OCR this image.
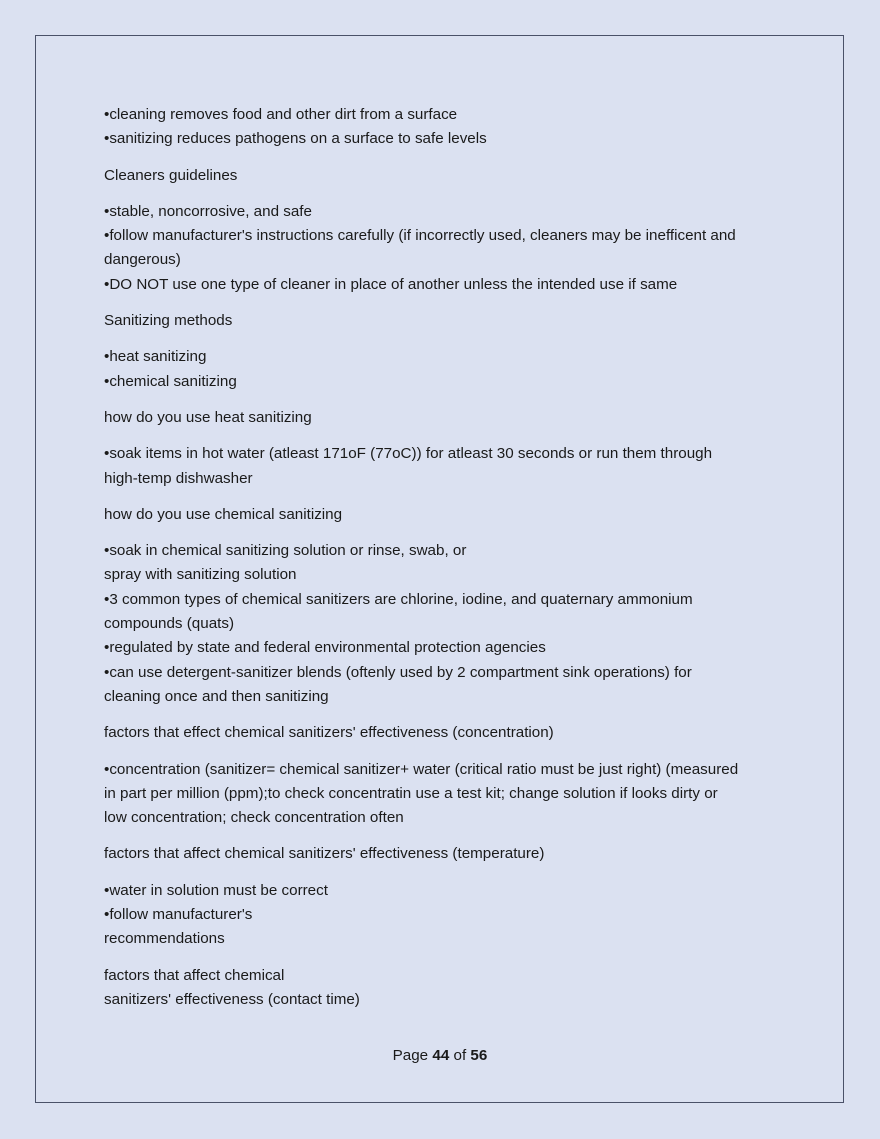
•cleaning removes food and other dirt from a surface
•sanitizing reduces pathogens on a surface to safe levels
Cleaners guidelines
•stable, noncorrosive, and safe
•follow manufacturer's instructions carefully (if incorrectly used, cleaners may be inefficent and
dangerous)
•DO NOT use one type of cleaner in place of another unless the intended use if same
Sanitizing methods
•heat sanitizing
•chemical sanitizing
how do you use heat sanitizing
•soak items in hot water (atleast 171oF (77oC)) for atleast 30 seconds or run them through
high-temp dishwasher
how do you use chemical sanitizing
•soak in chemical sanitizing solution or rinse, swab, or
spray with sanitizing solution
•3 common types of chemical sanitizers are chlorine, iodine, and quaternary ammonium
compounds (quats)
•regulated by state and federal environmental protection agencies
•can use detergent-sanitizer blends (oftenly used by 2 compartment sink operations) for
cleaning once and then sanitizing
factors that effect chemical sanitizers' effectiveness (concentration)
•concentration (sanitizer= chemical sanitizer+ water (critical ratio must be just right) (measured
in part per million (ppm);to check concentratin use a test kit; change solution if looks dirty or
low concentration; check concentration often
factors that affect chemical sanitizers' effectiveness (temperature)
•water in solution must be correct
•follow manufacturer's
recommendations
factors that affect chemical
sanitizers' effectiveness (contact time)
Page 44 of 56
